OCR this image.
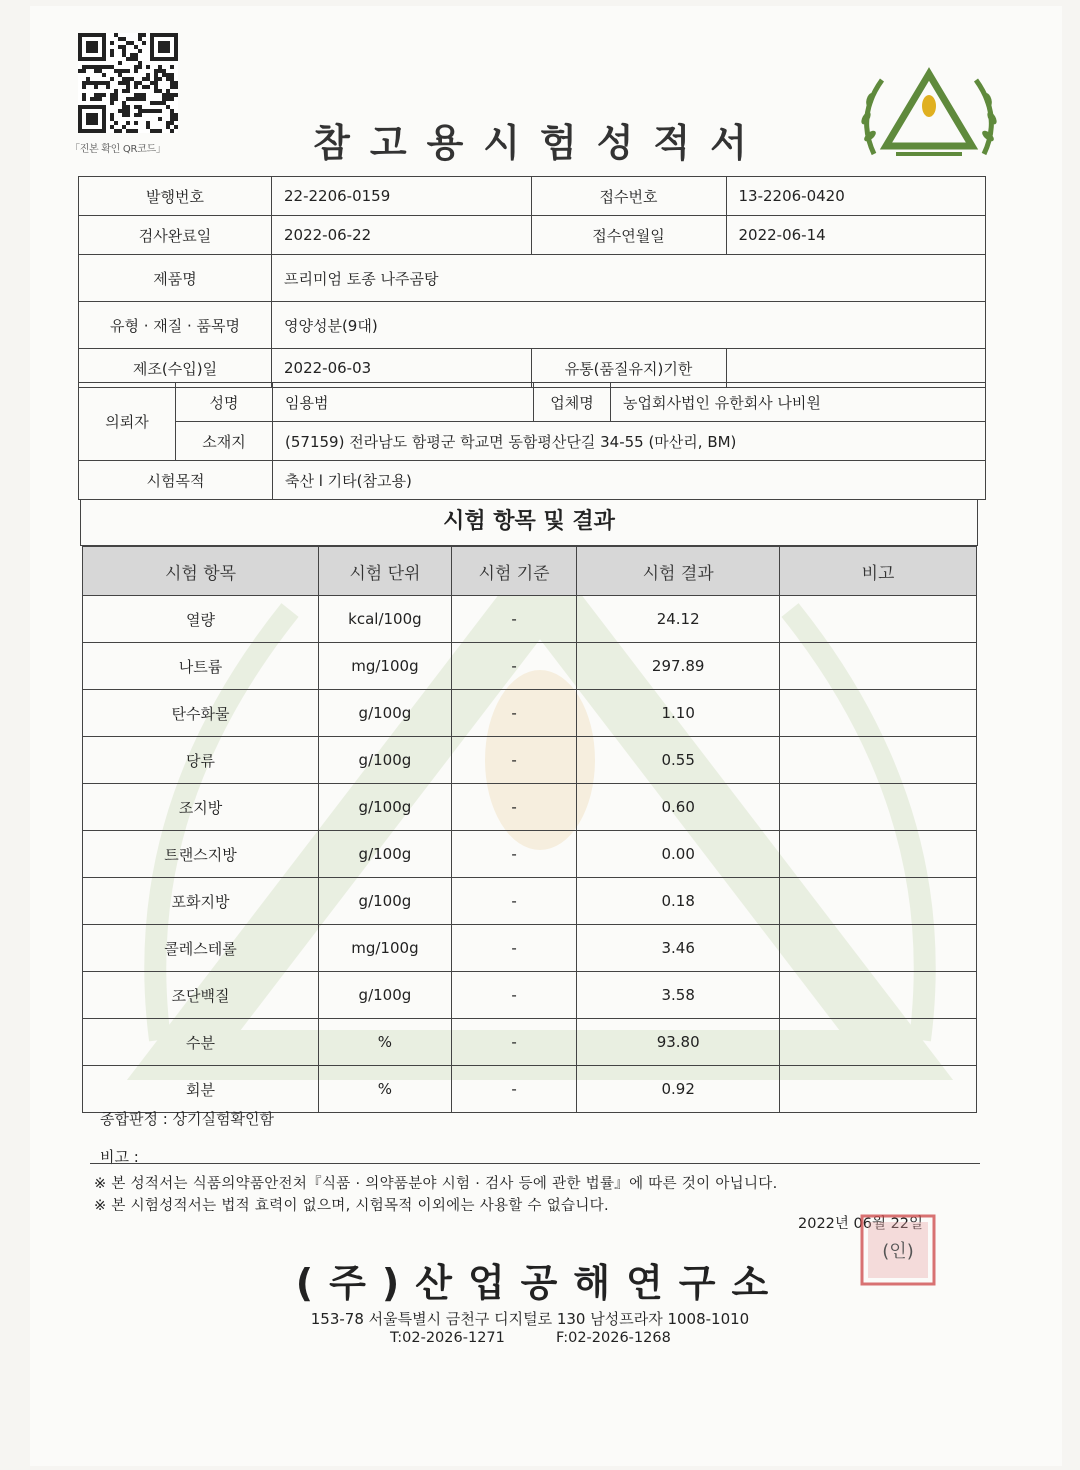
「진본 확인 QR코드」	참고용시험성적서
발행번호	22-2206-0159	접수번호	13-2206-0420
검사완료일	2022-06-22	접수연월일	2022-06-14
제품명	프리미엄 토종 나주곰탕		
유형 · 재질 · 품목명	영양성분(9대)		
제조(수입)일	2022-06-03	유통(품질유지)기한	
의뢰자	성명	임용범	업체명	농업회사법인 유한회사 나비원
	소재지	(57159) 전라남도 함평군 학교면 동함평산단길 34-55 (마산리, BM)		
시험목적		축산 l 기타(참고용)		
시험 항목 및 결과
시험 항목	시험 단위	시험 기준	시험 결과	비고
열량	kcal/100g	-	24.12	
나트륨	mg/100g	-	297.89	
탄수화물	g/100g	-	1.10	
당류	g/100g	-	0.55	
조지방	g/100g	-	0.60	
트랜스지방	g/100g	-	0.00	
포화지방	g/100g	-	0.18	
콜레스테롤	mg/100g	-	3.46	
조단백질	g/100g	-	3.58	
수분	%	-	93.80	
회분	%	-	0.92	
종합판정 : 상기실험확인함
비고 :
※ 본 성적서는 식품의약품안전처『식품 · 의약품분야 시험 · 검사 등에 관한 법률』에 따른 것이 아닙니다.
※ 본 시험성적서는 법적 효력이 없으며, 시험목적 이외에는 사용할 수 없습니다.
2022년 06월 22일
(인)
(주)산업공해연구소
153-78 서울특별시 금천구 디지털로 130 남성프라자 1008-1010
T:02-2026-1271	F:02-2026-1268
